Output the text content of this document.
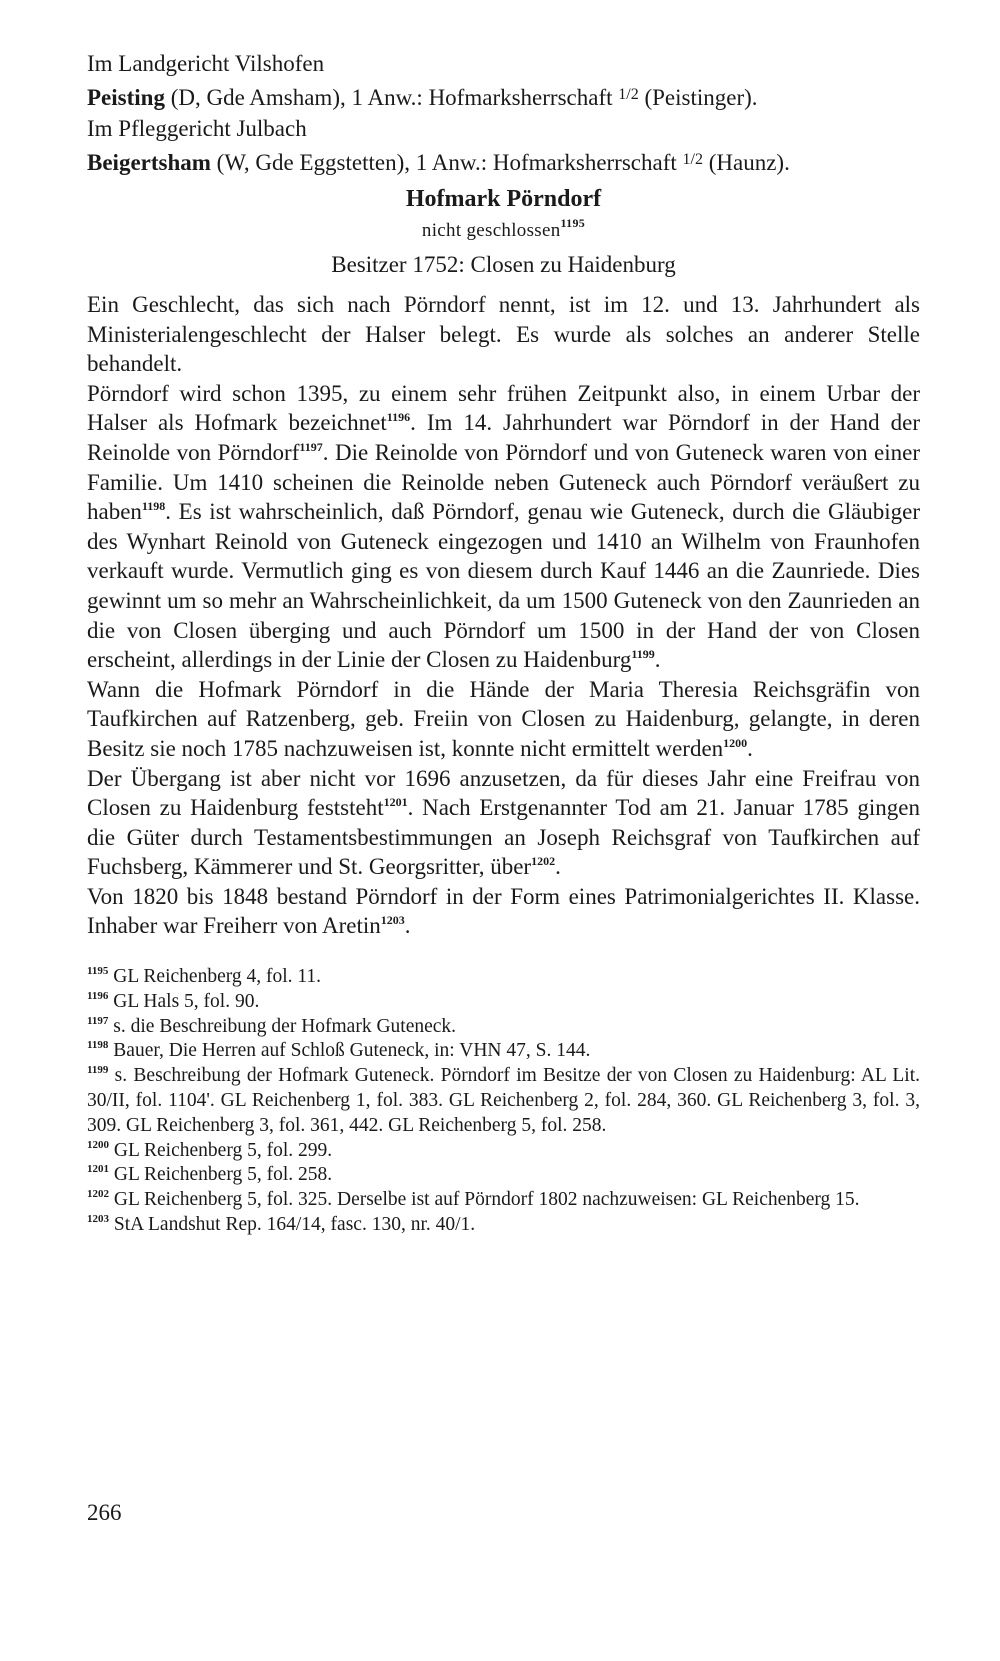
Im Landgericht Vilshofen

Peisting (D, Gde Amsham), 1 Anw.: Hofmarksherrschaft $^{1/2}$ (Peistinger).

Im Pfleggericht Julbach

Beigertsham (W, Gde Eggstetten), 1 Anw.: Hofmarksherrschaft $^{1/2}$ (Haunz).

Hofmark Pörndorf
nicht geschlossen$^{1195}$
Besitzer 1752: Closen zu Haidenburg

Ein Geschlecht, das sich nach Pörndorf nennt, ist im 12. und 13. Jahrhundert als Ministerialengeschlecht der Halser belegt. Es wurde als solches an anderer Stelle behandelt.

Pörndorf wird schon 1395, zu einem sehr frühen Zeitpunkt also, in einem Urbar der Halser als Hofmark bezeichnet$^{1196}$. Im 14. Jahrhundert war Pörndorf in der Hand der Reinolde von Pörndorf$^{1197}$. Die Reinolde von Pörndorf und von Guteneck waren von einer Familie. Um 1410 scheinen die Reinolde neben Guteneck auch Pörndorf veräußert zu haben$^{1198}$. Es ist wahrscheinlich, daß Pörndorf, genau wie Guteneck, durch die Gläubiger des Wynhart Reinold von Guteneck eingezogen und 1410 an Wilhelm von Fraunhofen verkauft wurde. Vermutlich ging es von diesem durch Kauf 1446 an die Zaunriede. Dies gewinnt um so mehr an Wahrscheinlichkeit, da um 1500 Guteneck von den Zaunrieden an die von Closen überging und auch Pörndorf um 1500 in der Hand der von Closen erscheint, allerdings in der Linie der Closen zu Haidenburg$^{1199}$.

Wann die Hofmark Pörndorf in die Hände der Maria Theresia Reichsgräfin von Taufkirchen auf Ratzenberg, geb. Freiin von Closen zu Haidenburg, gelangte, in deren Besitz sie noch 1785 nachzuweisen ist, konnte nicht ermittelt werden$^{1200}$.

Der Übergang ist aber nicht vor 1696 anzusetzen, da für dieses Jahr eine Freifrau von Closen zu Haidenburg feststeht$^{1201}$. Nach Erstgenannter Tod am 21. Januar 1785 gingen die Güter durch Testamentsbestimmungen an Joseph Reichsgraf von Taufkirchen auf Fuchsberg, Kämmerer und St. Georgsritter, über$^{1202}$.

Von 1820 bis 1848 bestand Pörndorf in der Form eines Patrimonialgerichtes II. Klasse. Inhaber war Freiherr von Aretin$^{1203}$.

$^{1195}$ GL Reichenberg 4, fol. 11.

$^{1196}$ GL Hals 5, fol. 90.

$^{1197}$ s. die Beschreibung der Hofmark Guteneck.

$^{1198}$ Bauer, Die Herren auf Schloß Guteneck, in: VHN 47, S. 144.

$^{1199}$ s. Beschreibung der Hofmark Guteneck. Pörndorf im Besitze der von Closen zu Haidenburg: AL Lit. 30/II, fol. 1104'. GL Reichenberg 1, fol. 383. GL Reichenberg 2, fol. 284, 360. GL Reichenberg 3, fol. 3, 309. GL Reichenberg 3, fol. 361, 442. GL Reichenberg 5, fol. 258.

$^{1200}$ GL Reichenberg 5, fol. 299.

$^{1201}$ GL Reichenberg 5, fol. 258.

$^{1202}$ GL Reichenberg 5, fol. 325. Derselbe ist auf Pörndorf 1802 nachzuweisen: GL Reichenberg 15.

$^{1203}$ StA Landshut Rep. 164/14, fasc. 130, nr. 40/1.

266
